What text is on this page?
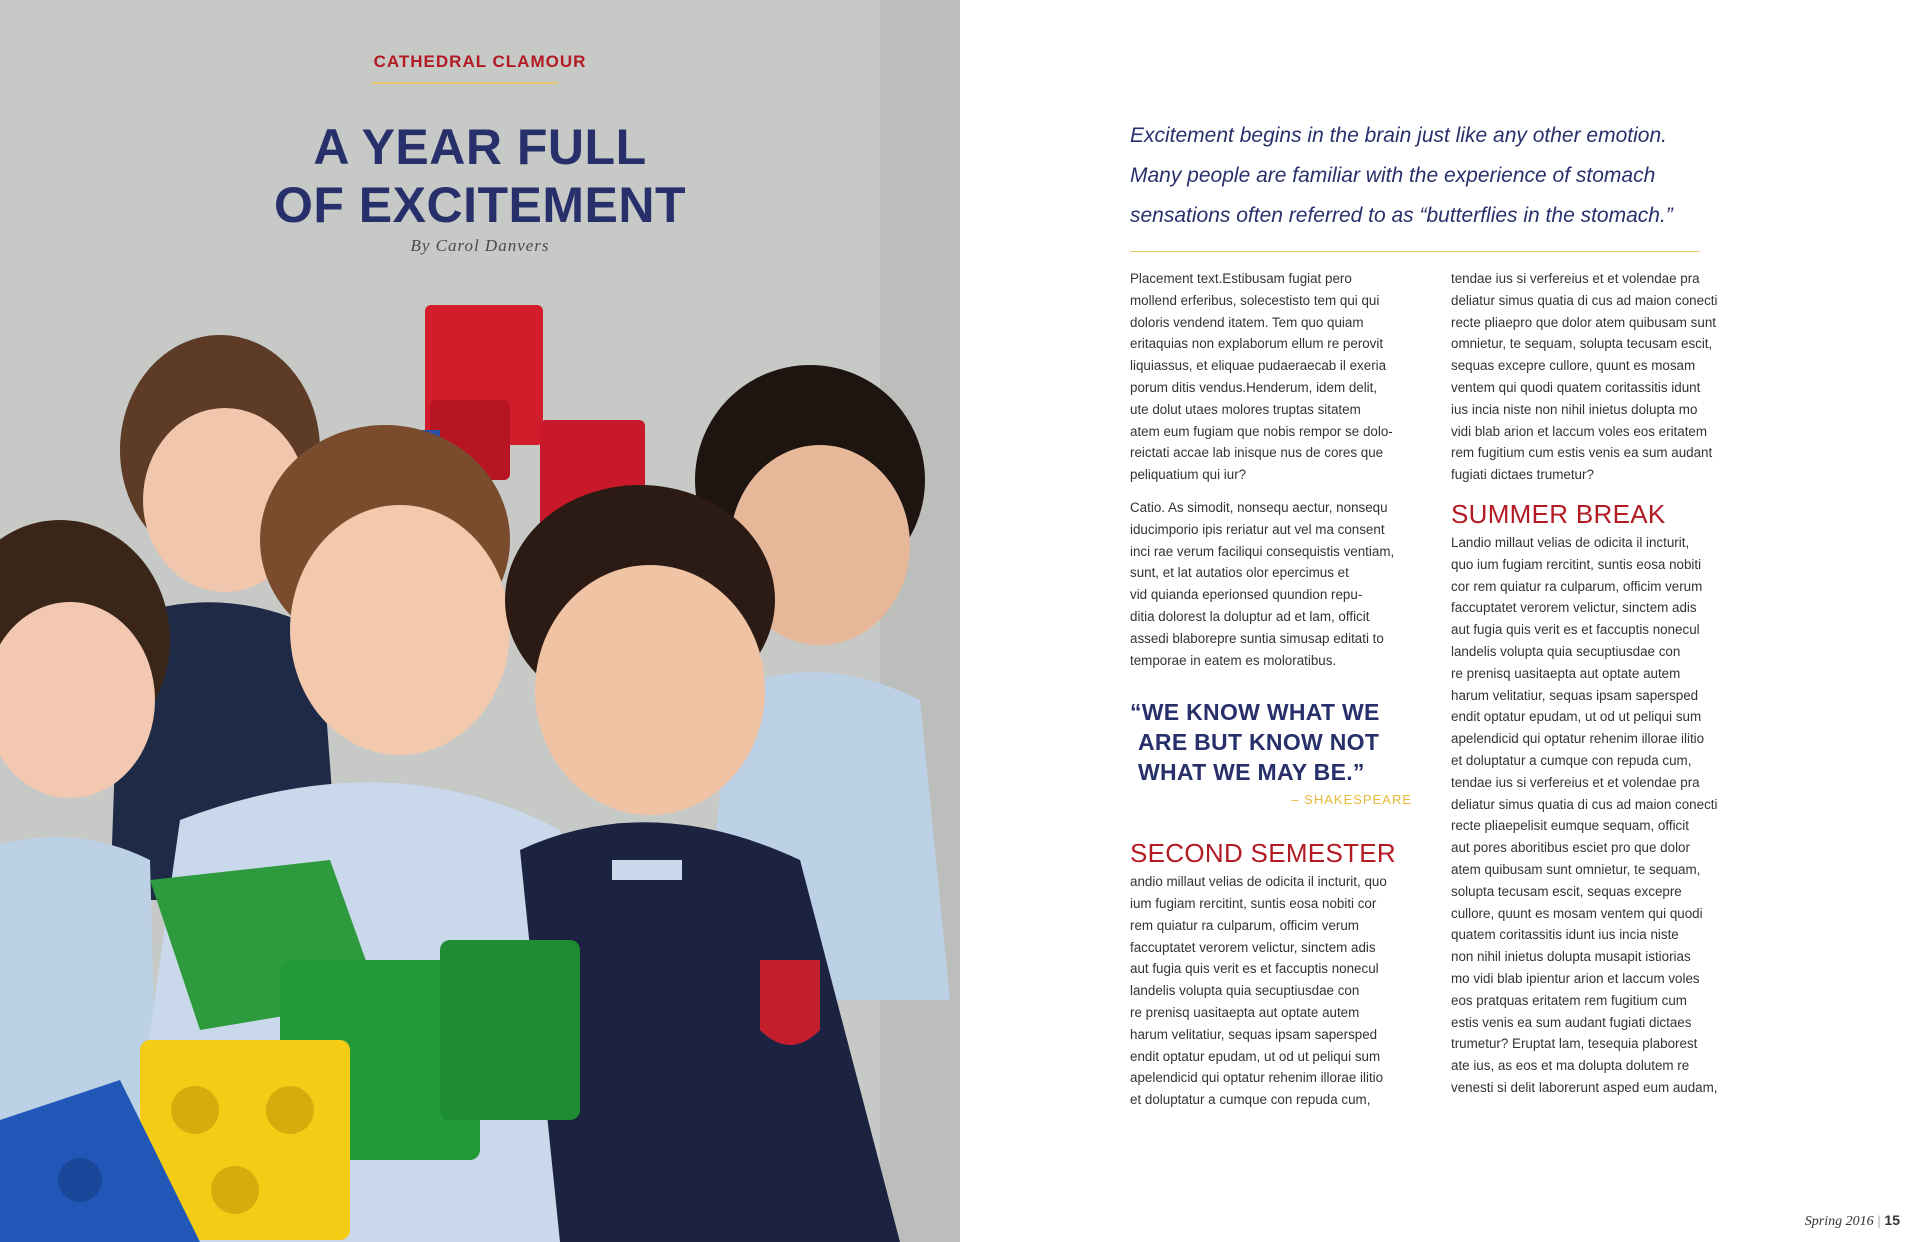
CATHEDRAL CLAMOUR
A YEAR FULL
OF EXCITEMENT
By Carol Danvers
Excitement begins in the brain just like any other emotion.
Many people are familiar with the experience of stomach
sensations often referred to as “butterflies in the stomach.”
Placement text.Estibusam fugiat pero
mollend erferibus, solecestisto tem qui qui
doloris vendend itatem. Tem quo quiam
eritaquias non explaborum ellum re perovit
liquiassus, et eliquae pudaeraecab il exeria
porum ditis vendus.Henderum, idem delit,
ute dolut utaes molores truptas sitatem
atem eum fugiam que nobis rempor se dolo-
reictati accae lab inisque nus de cores que
peliquatium qui iur?
Catio. As simodit, nonsequ aectur, nonsequ
iducimporio ipis reriatur aut vel ma consent
inci rae verum faciliqui consequistis ventiam,
sunt, et lat autatios olor epercimus et
vid quianda eperionsed quundion repu-
ditia dolorest la doluptur ad et lam, officit
assedi blaborepre suntia simusap editati to
temporae in eatem es moloratibus.
“WE KNOW WHAT WE
ARE BUT KNOW NOT
WHAT WE MAY BE.”
– SHAKESPEARE
SECOND SEMESTER
andio millaut velias de odicita il incturit, quo
ium fugiam rercitint, suntis eosa nobiti cor
rem quiatur ra culparum, officim verum
faccuptatet verorem velictur, sinctem adis
aut fugia quis verit es et faccuptis nonecul
landelis volupta quia secuptiusdae con
re prenisq uasitaepta aut optate autem
harum velitatiur, sequas ipsam sapersped
endit optatur epudam, ut od ut peliqui sum
apelendicid qui optatur rehenim illorae ilitio
et doluptatur a cumque con repuda cum,
tendae ius si verfereius et et volendae pra
deliatur simus quatia di cus ad maion conecti
recte pliaepro que dolor atem quibusam sunt
omnietur, te sequam, solupta tecusam escit,
sequas excepre cullore, quunt es mosam
ventem qui quodi quatem coritassitis idunt
ius incia niste non nihil inietus dolupta mo
vidi blab arion et laccum voles eos eritatem
rem fugitium cum estis venis ea sum audant
fugiati dictaes trumetur?
SUMMER BREAK
Landio millaut velias de odicita il incturit,
quo ium fugiam rercitint, suntis eosa nobiti
cor rem quiatur ra culparum, officim verum
faccuptatet verorem velictur, sinctem adis
aut fugia quis verit es et faccuptis nonecul
landelis volupta quia secuptiusdae con
re prenisq uasitaepta aut optate autem
harum velitatiur, sequas ipsam sapersped
endit optatur epudam, ut od ut peliqui sum
apelendicid qui optatur rehenim illorae ilitio
et doluptatur a cumque con repuda cum,
tendae ius si verfereius et et volendae pra
deliatur simus quatia di cus ad maion conecti
recte pliaepelisit eumque sequam, officit
aut pores aboritibus esciet pro que dolor
atem quibusam sunt omnietur, te sequam,
solupta tecusam escit, sequas excepre
cullore, quunt es mosam ventem qui quodi
quatem coritassitis idunt ius incia niste
non nihil inietus dolupta musapit istiorias
mo vidi blab ipientur arion et laccum voles
eos pratquas eritatem rem fugitium cum
estis venis ea sum audant fugiati dictaes
trumetur? Eruptat lam, tesequia plaborest
ate ius, as eos et ma dolupta dolutem re
venesti si delit laborerunt asped eum audam,
Spring 2016 | 15
